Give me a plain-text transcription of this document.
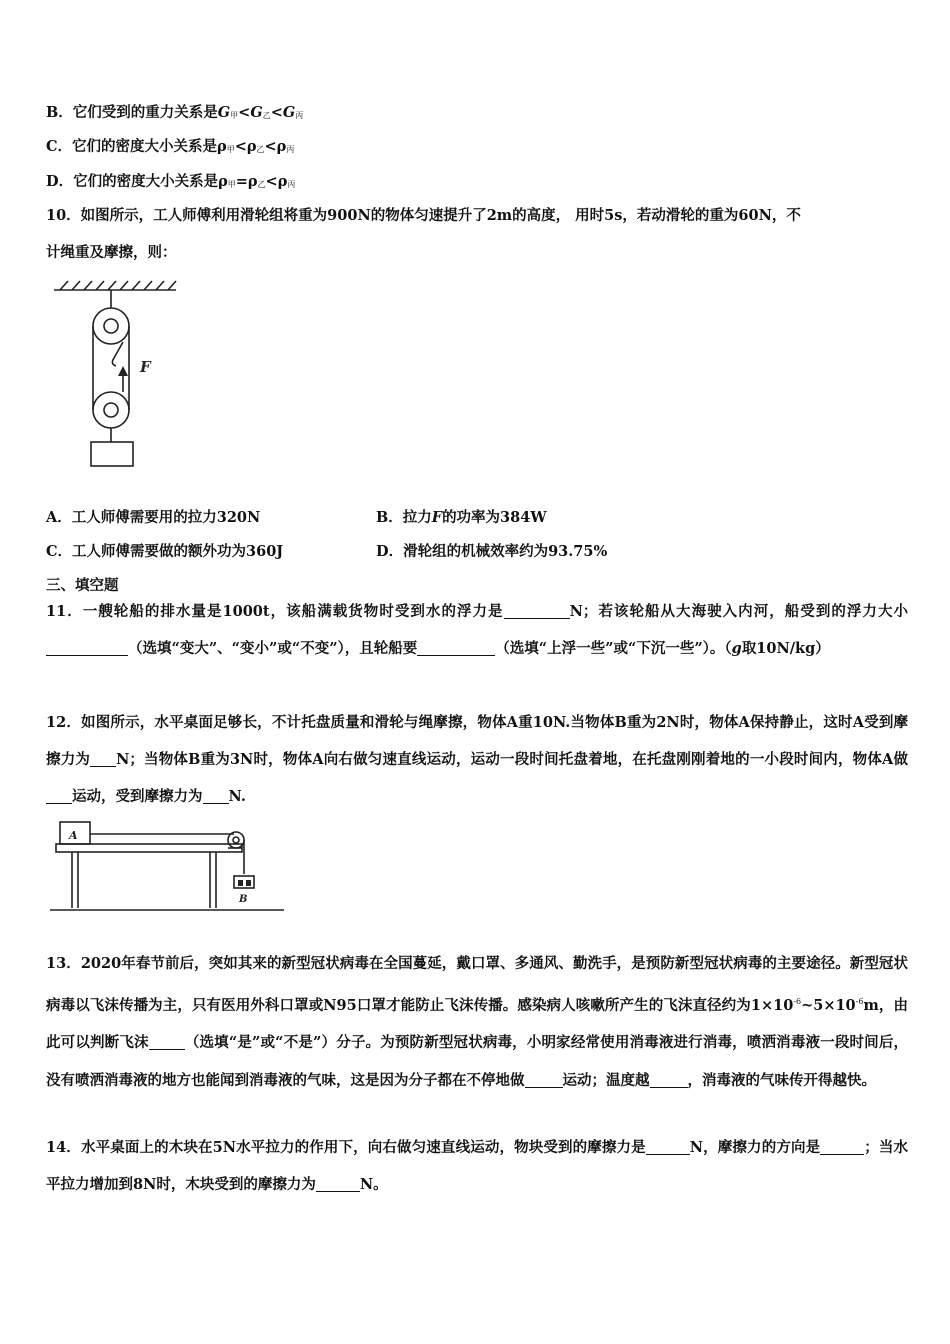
B．它们受到的重力关系是G甲<G乙<G丙
C．它们的密度大小关系是ρ甲<ρ乙<ρ丙
D．它们的密度大小关系是ρ甲=ρ乙<ρ丙
10．如图所示，工人师傅利用滑轮组将重为900N的物体匀速提升了2m的高度， 用时5s，若动滑轮的重为60N，不
计绳重及摩擦，则：
F
A．工人师傅需要用的拉力320N	B．拉力F的功率为384W
C．工人师傅需要做的额外功为360J	D．滑轮组的机械效率约为93.75%
三、填空题
11．一艘轮船的排水量是1000t，该船满载货物时受到水的浮力是	N；若该轮船从大海驶入内河，船受到的浮力大小（选填“变大”、“变小”或“不变”），且轮船要	（选填“上浮一些”或“下沉一些”）。（g取10N/kg）
12．如图所示，水平桌面足够长，不计托盘质量和滑轮与绳摩擦，物体A重10N.当物体B重为2N时，物体A保持静止，这时A受到摩擦力为 N；当物体B重为3N时，物体A向右做匀速直线运动，运动一段时间托盘着地，在托盘刚刚着地的一小段时间内，物体A做运动，受到摩擦力为 N.
A
B
13．2020年春节前后，突如其来的新型冠状病毒在全国蔓延，戴口罩、多通风、勤洗手，是预防新型冠状病毒的主要途径。新型冠状病毒以飞沫传播为主，只有医用外科口罩或N95口罩才能防止飞沫传播。感染病人咳嗽所产生的飞沫直径约为$1\times 10^{-6}\sim 5\times 10^{-6}m$，由此可以判断飞沫 （选填“是”或“不是”）分子。为预防新型冠状病毒，小明家经常使用消毒液进行消毒，喷洒消毒液一段时间后，没有喷洒消毒液的地方也能闻到消毒液的气味，这是因为分子都在不停地做	运动；温度越	，消毒液的气味传开得越快。
14．水平桌面上的木块在5N水平拉力的作用下，向右做匀速直线运动，物块受到的摩擦力是	N，摩擦力的方向是	；当水平拉力增加到8N时，木块受到的摩擦力为	N。
